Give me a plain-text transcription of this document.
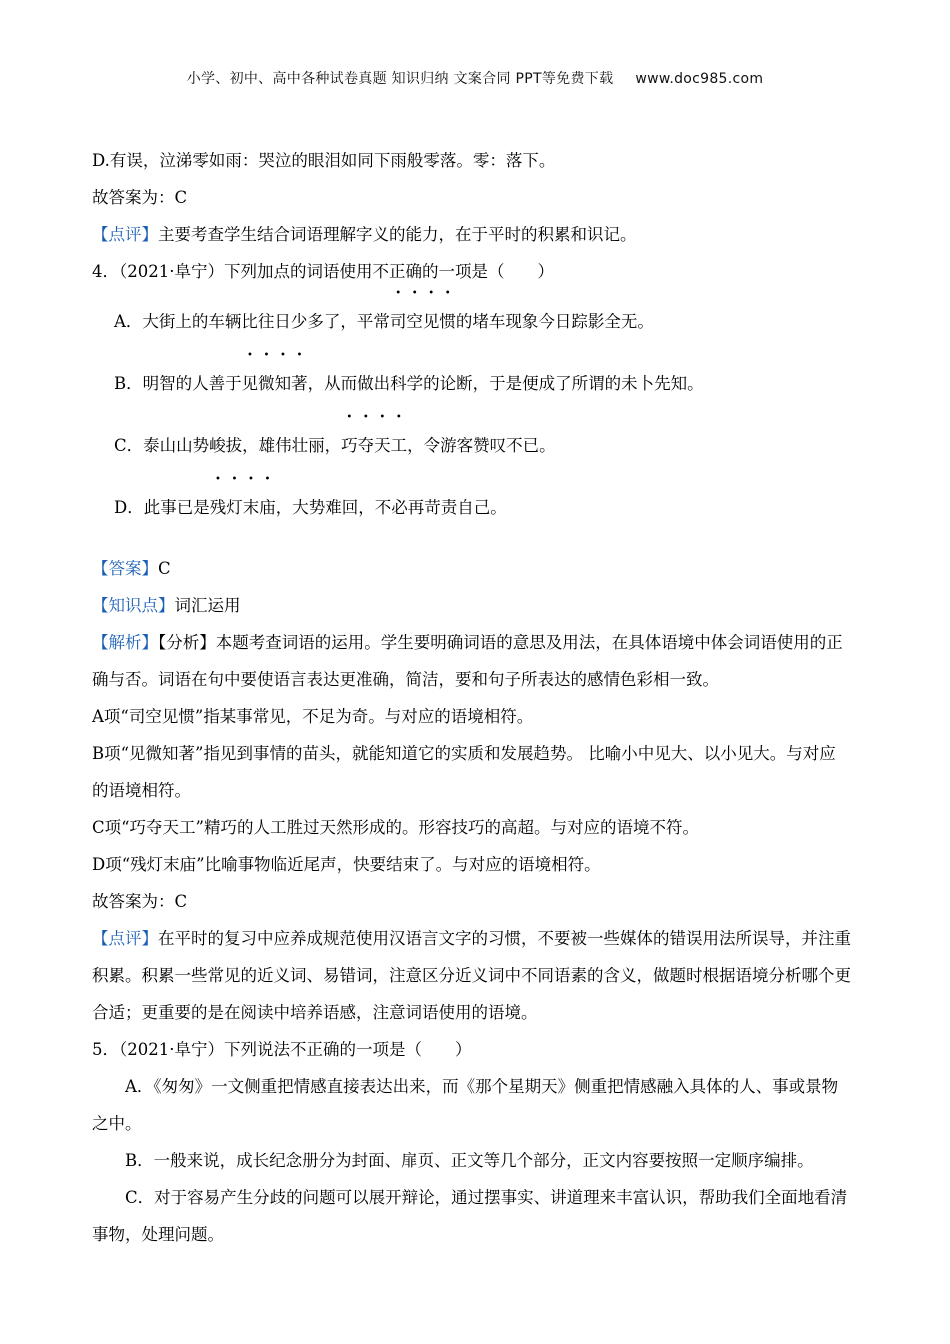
小学、初中、高中各种试卷真题 知识归纳 文案合同 PPT等免费下载 www.doc985.com

D.有误，泣涕零如雨：哭泣的眼泪如同下雨般零落。零：落下。

故答案为：C

【点评】主要考查学生结合词语理解字义的能力，在于平时的积累和识记。

4．（2021·阜宁）下列加点的词语使用不正确的一项是（　　）

A．大街上的车辆比往日少多了，平常司空见惯的堵车现象今日踪影全无。

B．明智的人善于见微知著，从而做出科学的论断，于是便成了所谓的未卜先知。

C．泰山山势峻拔，雄伟壮丽，巧夺天工，令游客赞叹不已。

D．此事已是残灯末庙，大势难回，不必再苛责自己。

【答案】C

【知识点】词汇运用

【解析】【分析】本题考查词语的运用。学生要明确词语的意思及用法，在具体语境中体会词语使用的正确与否。词语在句中要使语言表达更准确，简洁，要和句子所表达的感情色彩相一致。

A项“司空见惯”指某事常见，不足为奇。与对应的语境相符。

B项“见微知著”指见到事情的苗头，就能知道它的实质和发展趋势。 比喻小中见大、以小见大。与对应的语境相符。

C项“巧夺天工”精巧的人工胜过天然形成的。形容技巧的高超。与对应的语境不符。

D项“残灯末庙”比喻事物临近尾声，快要结束了。与对应的语境相符。

故答案为：C

【点评】在平时的复习中应养成规范使用汉语言文字的习惯，不要被一些媒体的错误用法所误导，并注重积累。积累一些常见的近义词、易错词，注意区分近义词中不同语素的含义，做题时根据语境分析哪个更合适；更重要的是在阅读中培养语感，注意词语使用的语境。

5．（2021·阜宁）下列说法不正确的一项是（　　）

A．《匆匆》一文侧重把情感直接表达出来，而《那个星期天》侧重把情感融入具体的人、事或景物之中。

B．一般来说，成长纪念册分为封面、扉页、正文等几个部分，正文内容要按照一定顺序编排。

C．对于容易产生分歧的问题可以展开辩论，通过摆事实、讲道理来丰富认识，帮助我们全面地看清事物，处理问题。
